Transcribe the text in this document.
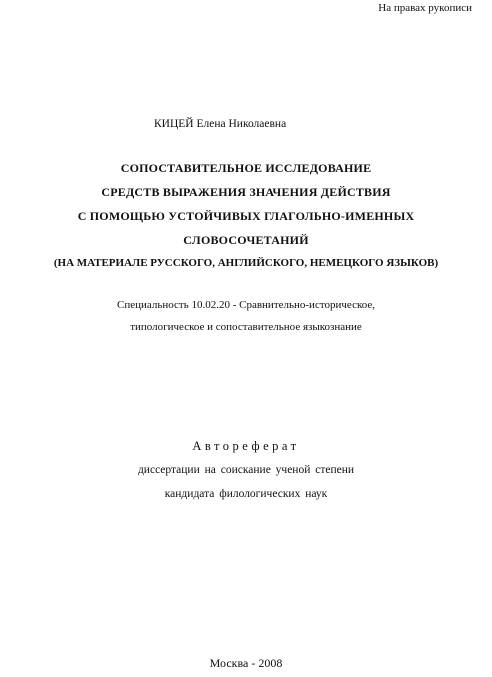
На правах рукописи
КИЦЕЙ Елена Николаевна
СОПОСТАВИТЕЛЬНОЕ ИССЛЕДОВАНИЕ
СРЕДСТВ ВЫРАЖЕНИЯ ЗНАЧЕНИЯ ДЕЙСТВИЯ
С ПОМОЩЬЮ УСТОЙЧИВЫХ ГЛАГОЛЬНО-ИМЕННЫХ
СЛОВОСОЧЕТАНИЙ
(НА МАТЕРИАЛЕ РУССКОГО, АНГЛИЙСКОГО, НЕМЕЦКОГО ЯЗЫКОВ)
Специальность 10.02.20 - Сравнительно-историческое,
типологическое и сопоставительное языкознание
Автореферат
диссертации на соискание ученой степени
кандидата филологических наук
Москва - 2008
